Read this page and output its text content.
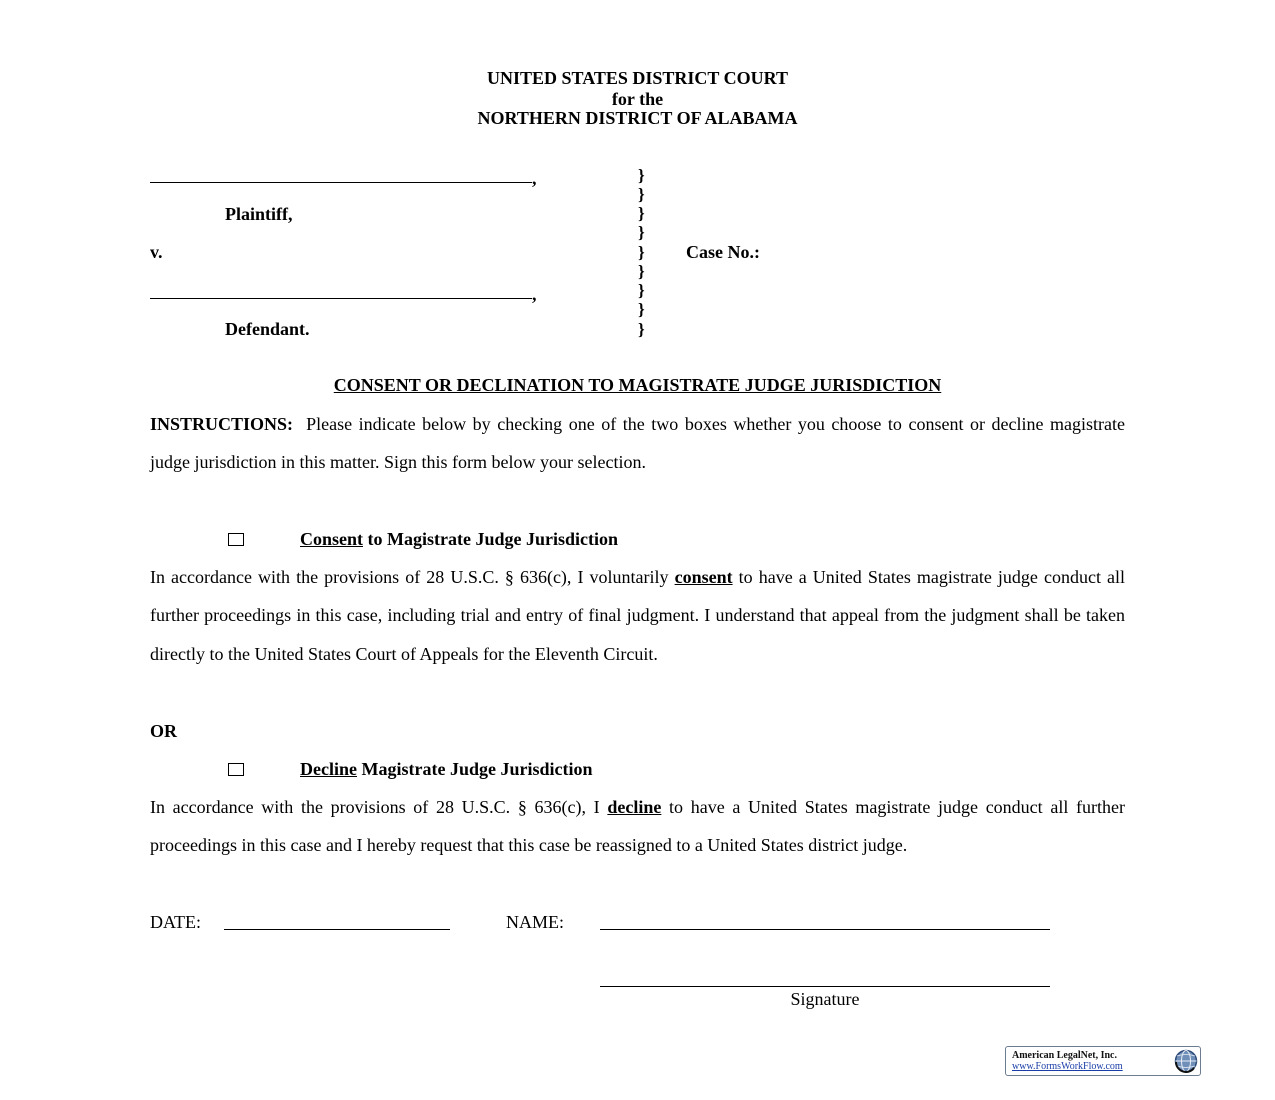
UNITED STATES DISTRICT COURT
for the
NORTHERN DISTRICT OF ALABAMA
,
Plaintiff,
v.
,
Defendant.
}
}
}
}
}
}
}
}
}
Case No.:
CONSENT OR DECLINATION TO MAGISTRATE JUDGE JURISDICTION
INSTRUCTIONS: Please indicate below by checking one of the two boxes whether you choose to consent or decline magistrate judge jurisdiction in this matter. Sign this form below your selection.
Consent to Magistrate Judge Jurisdiction
In accordance with the provisions of 28 U.S.C. § 636(c), I voluntarily consent to have a United States magistrate judge conduct all further proceedings in this case, including trial and entry of final judgment. I understand that appeal from the judgment shall be taken directly to the United States Court of Appeals for the Eleventh Circuit.
OR
Decline Magistrate Judge Jurisdiction
In accordance with the provisions of 28 U.S.C. § 636(c), I decline to have a United States magistrate judge conduct all further proceedings in this case and I hereby request that this case be reassigned to a United States district judge.
DATE:	NAME:
Signature
American LegalNet, Inc.
www.FormsWorkFlow.com
